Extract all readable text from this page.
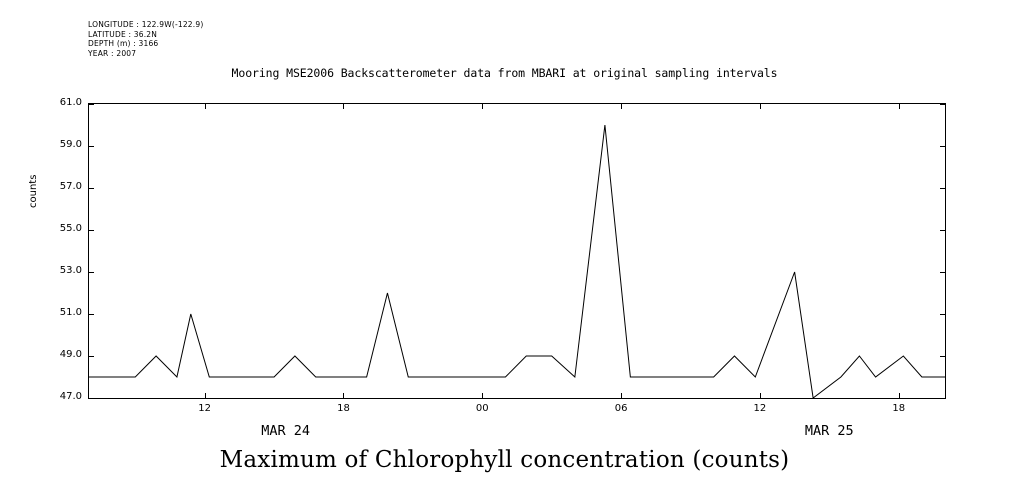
LONGITUDE : 122.9W(-122.9)
LATITUDE : 36.2N
DEPTH (m) : 3166
YEAR : 2007
Mooring MSE2006 Backscatterometer data from MBARI at original sampling intervals
counts
47.0
49.0
51.0
53.0
55.0
57.0
59.0
61.0
12	18	00	06	12	18
MAR 24	MAR 25
Maximum of Chlorophyll concentration (counts)
